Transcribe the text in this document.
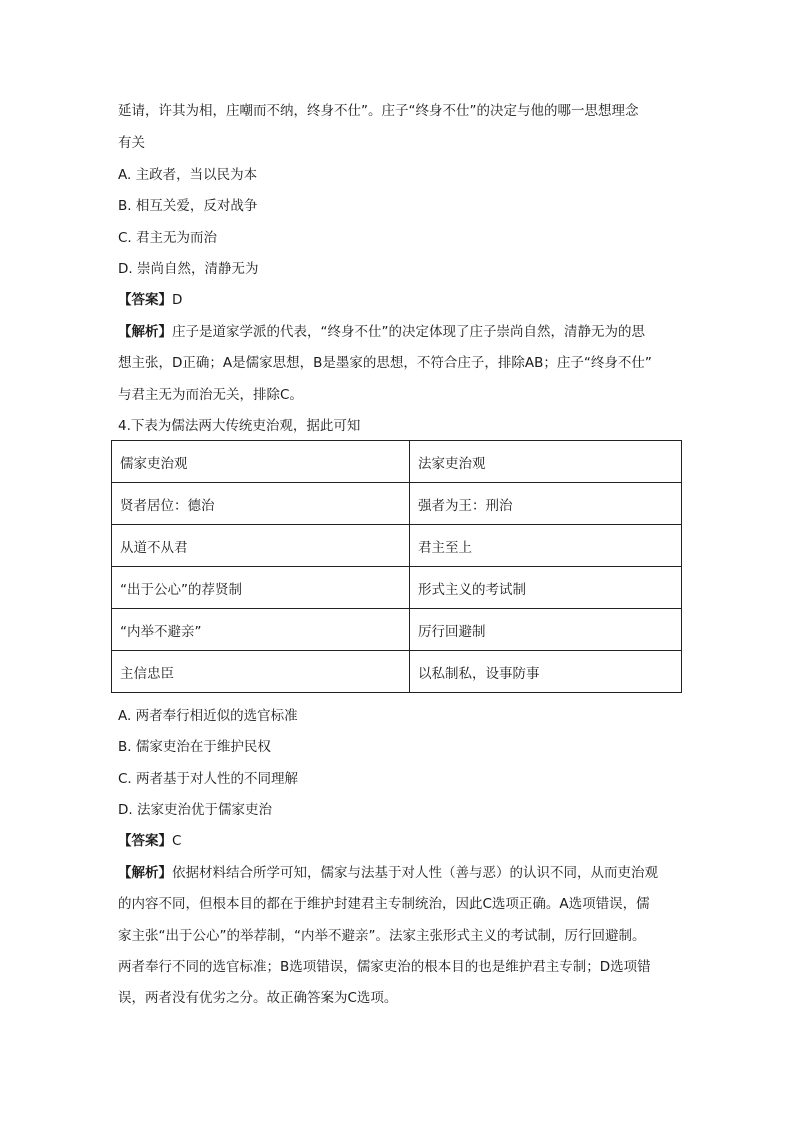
延请，许其为相，庄嘲而不纳，终身不仕”。庄子“终身不仕”的决定与他的哪一思想理念
有关
A. 主政者，当以民为本
B. 相互关爱，反对战争
C. 君主无为而治
D. 崇尚自然，清静无为
【答案】D
【解析】庄子是道家学派的代表，“终身不仕”的决定体现了庄子崇尚自然，清静无为的思
想主张，D正确；A是儒家思想，B是墨家的思想，不符合庄子，排除AB；庄子“终身不仕”
与君主无为而治无关，排除C。
4.下表为儒法两大传统吏治观，据此可知
儒家吏治观	法家吏治观
贤者居位：德治	强者为王：刑治
从道不从君	君主至上
“出于公心”的荐贤制	形式主义的考试制
“内举不避亲”	厉行回避制
主信忠臣	以私制私，设事防事
A. 两者奉行相近似的选官标准
B. 儒家吏治在于维护民权
C. 两者基于对人性的不同理解
D. 法家吏治优于儒家吏治
【答案】C
【解析】依据材料结合所学可知，儒家与法基于对人性（善与恶）的认识不同，从而吏治观
的内容不同，但根本目的都在于维护封建君主专制统治，因此C选项正确。A选项错误，儒
家主张“出于公心”的举荐制，“内举不避亲”。法家主张形式主义的考试制，厉行回避制。
两者奉行不同的选官标准；B选项错误，儒家吏治的根本目的也是维护君主专制；D选项错
误，两者没有优劣之分。故正确答案为C选项。
